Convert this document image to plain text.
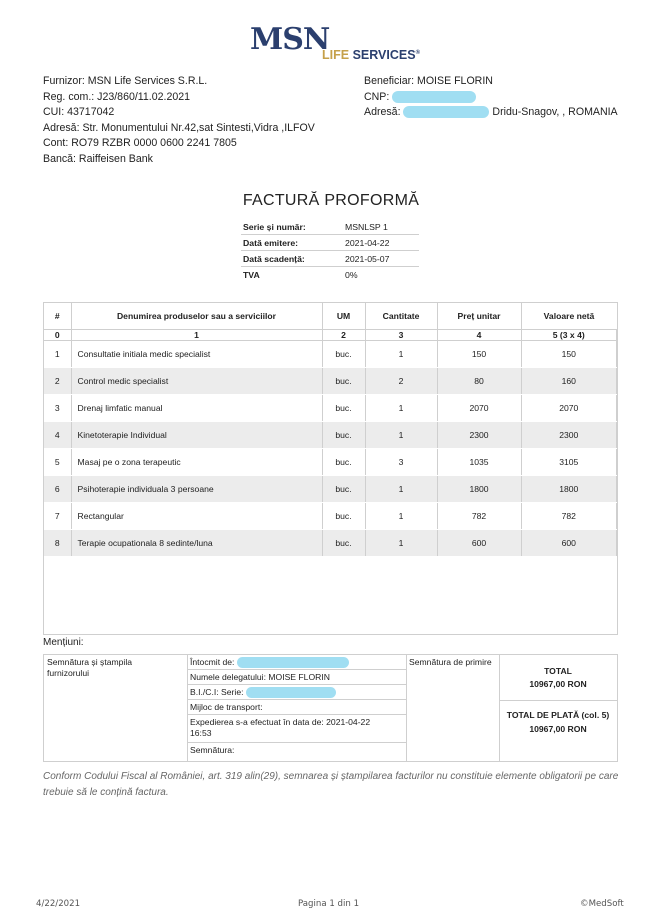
MSN
LIFE SERVICES®
Furnizor: MSN Life Services S.R.L.
Reg. com.: J23/860/11.02.2021
CUI: 43717042
Adresă: Str. Monumentului Nr.42,sat Sintesti,Vidra ,ILFOV
Cont: RO79 RZBR 0000 0600 2241 7805
Bancă: Raiffeisen Bank
Beneficiar: MOISE FLORIN
CNP:
Adresă:	Dridu-Snagov, , ROMANIA
FACTURĂ PROFORMĂ
Serie și număr:	MSNLSP 1
Dată emitere:	2021-04-22
Dată scadență:	2021-05-07
TVA	0%
#	Denumirea produselor sau a serviciilor	UM	Cantitate	Preț unitar	Valoare netă
0	1	2	3	4	5 (3 x 4)
1	Consultatie initiala medic specialist	buc.	1	150	150
2	Control medic specialist	buc.	2	80	160
3	Drenaj limfatic manual	buc.	1	2070	2070
4	Kinetoterapie Individual	buc.	1	2300	2300
5	Masaj pe o zona terapeutic	buc.	3	1035	3105
6	Psihoterapie individuala 3 persoane	buc.	1	1800	1800
7	Rectangular	buc.	1	782	782
8	Terapie ocupationala 8 sedinte/luna	buc.	1	600	600
Mențiuni:
Semnătura și ștampila furnizorului
Întocmit de:
Numele delegatului: MOISE FLORIN
B.I./C.I: Serie:
Mijloc de transport:
Expedierea s-a efectuat în data de: 2021-04-22 16:53
Semnătura:
Semnătura de primire
TOTAL
10967,00 RON
TOTAL DE PLATĂ (col. 5)
10967,00 RON
Conform Codului Fiscal al României, art. 319 alin(29), semnarea și ștampilarea facturilor nu constituie elemente obligatorii pe care trebuie să le conțină factura.
4/22/2021	Pagina 1 din 1	©MedSoft
